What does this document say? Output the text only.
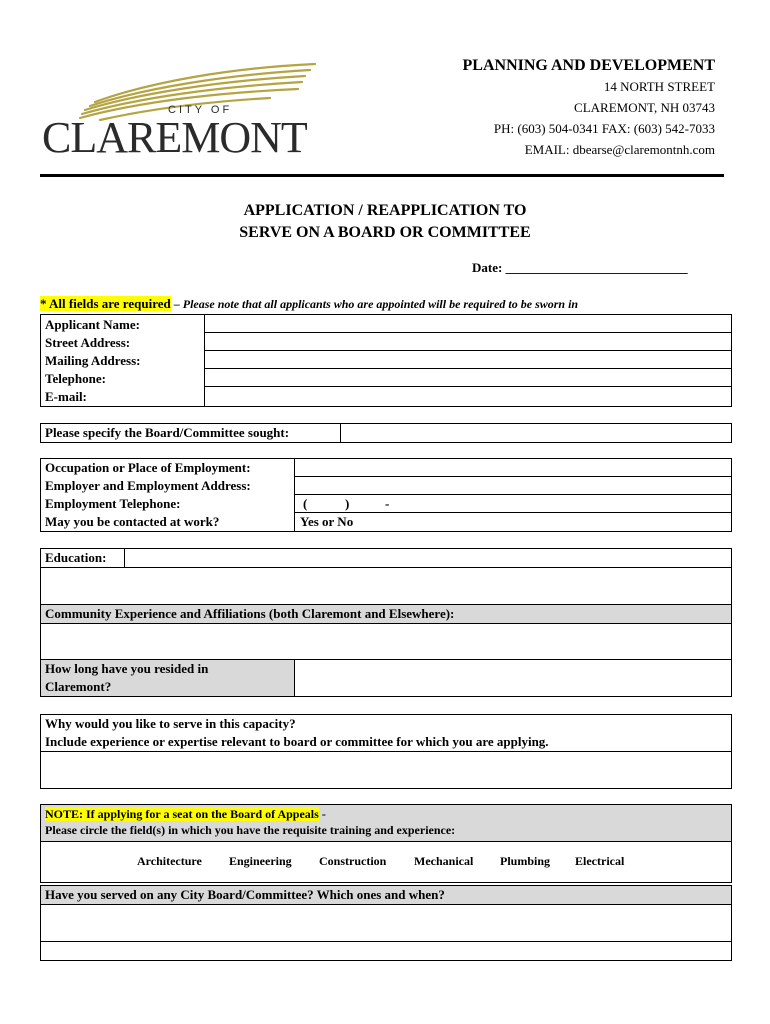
CITY OF
CLAREMONT
PLANNING AND DEVELOPMENT
14 NORTH STREET
CLAREMONT, NH 03743
PH: (603) 504-0341 FAX: (603) 542-7033
EMAIL: dbearse@claremontnh.com
APPLICATION / REAPPLICATION TO
SERVE ON A BOARD OR COMMITTEE
Date: ____________________________
* All fields are required – Please note that all applicants who are appointed will be required to be sworn in
Applicant Name:
Street Address:
Mailing Address:
Telephone:
E-mail:
Please specify the Board/Committee sought:
Occupation or Place of Employment:
Employer and Employment Address:
Employment Telephone:
May you be contacted at work?
(	)	-
Yes or No
Education:
Community Experience and Affiliations (both Claremont and Elsewhere):
How long have you resided in
Claremont?
Why would you like to serve in this capacity?
Include experience or expertise relevant to board or committee for which you are applying.
NOTE: If applying for a seat on the Board of Appeals -
Please circle the field(s) in which you have the requisite training and experience:
Architecture Engineering Construction Mechanical Plumbing Electrical
Have you served on any City Board/Committee? Which ones and when?
